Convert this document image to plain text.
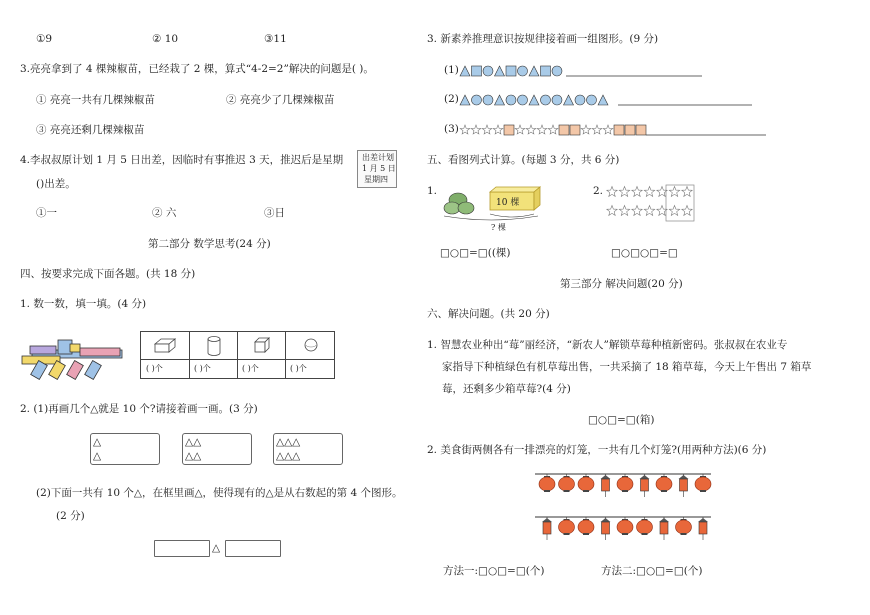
①9	② 10	③11
3.亮亮拿到了 4 棵辣椒苗，已经栽了 2 棵，算式“4-2=2”解决的问题是( )。
① 亮亮一共有几棵辣椒苗	② 亮亮少了几棵辣椒苗
③ 亮亮还剩几棵辣椒苗
4.李叔叔原计划 1 月 5 日出差，因临时有事推迟 3 天，推迟后是星期
()出差。
出差计划
1 月 5 日
星期四
①一	② 六	③日
第二部分 数学思考(24 分)
四、按要求完成下面各题。(共 18 分)
1. 数一数，填一填。(4 分)
( )个	( )个	( )个	( )个
2. (1)再画几个△就是 10 个?请接着画一画。(3 分)
△
△
△△
△△
△△△
△△△
(2)下面一共有 10 个△，在框里画△，使得现有的△是从右数起的第 4 个图形。
(2 分)
△
3. 新素养推理意识按规律接着画一组图形。(9 分)
(1)
(2)
(3)
五、看图列式计算。(每题 3 分，共 6 分)
1.
10 棵
? 棵
□○□=□((棵)
2.
□○□○□=□
第三部分 解决问题(20 分)
六、解决问题。(共 20 分)
1. 智慧农业种出“莓”丽经济，“新农人”解锁草莓种植新密码。张叔叔在农业专
家指导下种植绿色有机草莓出售，一共采摘了 18 箱草莓，今天上午售出 7 箱草
莓，还剩多少箱草莓?(4 分)
□○□=□(箱)
2. 美食街两侧各有一排漂亮的灯笼，一共有几个灯笼?(用两种方法)(6 分)
方法一:□○□=□(个)	方法二:□○□=□(个)
